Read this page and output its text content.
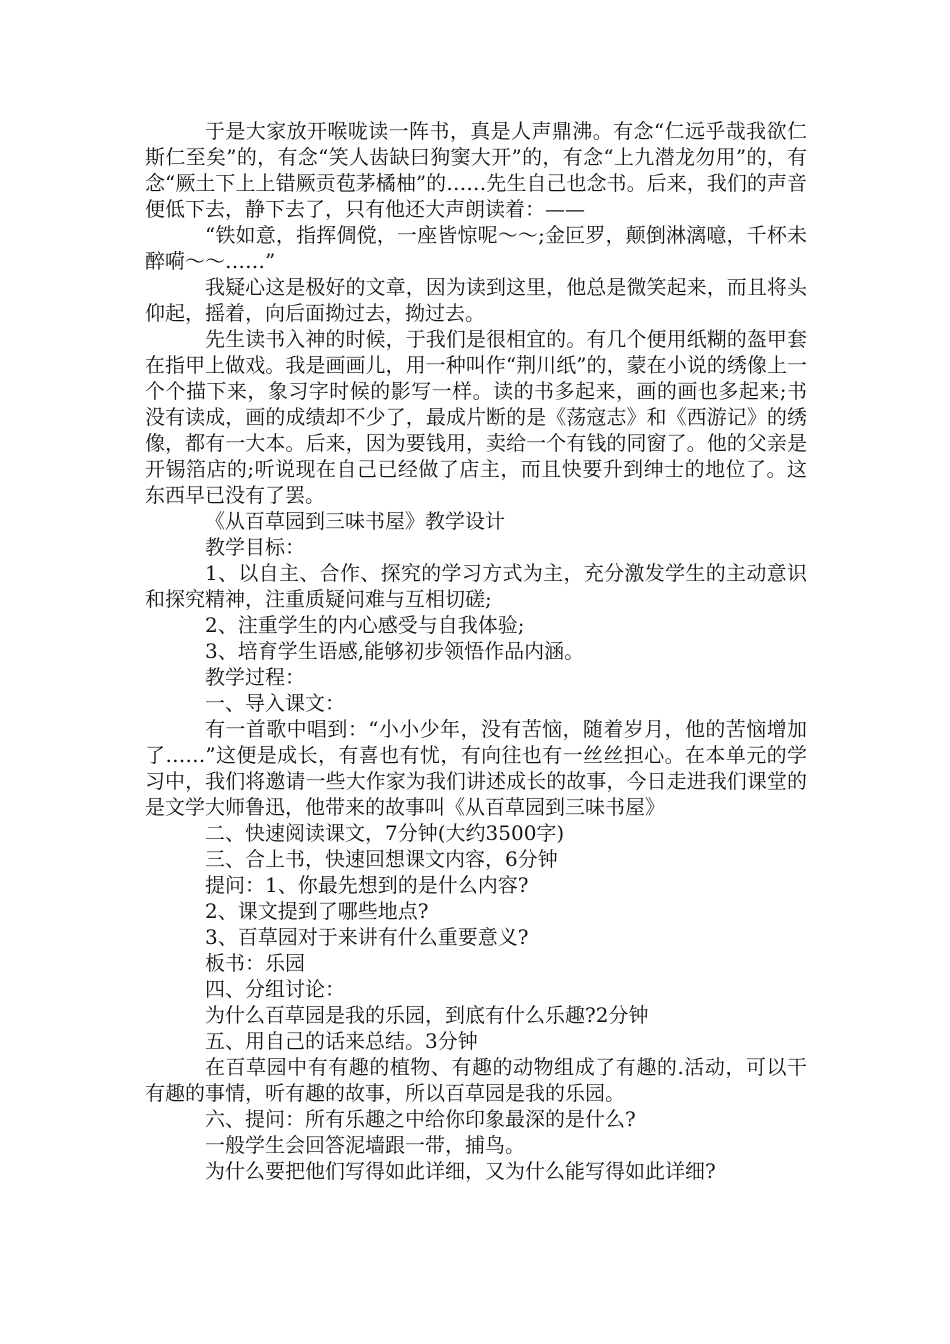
于是大家放开喉咙读一阵书，真是人声鼎沸。有念“仁远乎哉我欲仁斯仁至矣”的，有念“笑人齿缺曰狗窦大开”的，有念“上九潜龙勿用”的，有念“厥土下上上错厥贡苞茅橘柚”的……先生自己也念书。后来，我们的声音便低下去，静下去了，只有他还大声朗读着：——

“铁如意，指挥倜傥，一座皆惊呢～～;金叵罗，颠倒淋漓噫，千杯未醉嗬～～……”

我疑心这是极好的文章，因为读到这里，他总是微笑起来，而且将头仰起，摇着，向后面拗过去，拗过去。

先生读书入神的时候，于我们是很相宜的。有几个便用纸糊的盔甲套在指甲上做戏。我是画画儿，用一种叫作“荆川纸”的，蒙在小说的绣像上一个个描下来，象习字时候的影写一样。读的书多起来，画的画也多起来;书没有读成，画的成绩却不少了，最成片断的是《荡寇志》和《西游记》的绣像，都有一大本。后来，因为要钱用，卖给一个有钱的同窗了。他的父亲是开锡箔店的;听说现在自己已经做了店主，而且快要升到绅士的地位了。这东西早已没有了罢。

《从百草园到三味书屋》教学设计

教学目标：

1、以自主、合作、探究的学习方式为主，充分激发学生的主动意识和探究精神，注重质疑问难与互相切磋;

2、注重学生的内心感受与自我体验;

3、培育学生语感,能够初步领悟作品内涵。

教学过程：

一、导入课文：

有一首歌中唱到：“小小少年，没有苦恼，随着岁月，他的苦恼增加了……”这便是成长，有喜也有忧，有向往也有一丝丝担心。在本单元的学习中，我们将邀请一些大作家为我们讲述成长的故事，今日走进我们课堂的是文学大师鲁迅，他带来的故事叫《从百草园到三味书屋》

二、快速阅读课文，7分钟(大约3500字)

三、合上书，快速回想课文内容，6分钟

提问：1、你最先想到的是什么内容?

2、课文提到了哪些地点?

3、百草园对于来讲有什么重要意义?

板书：乐园

四、分组讨论：

为什么百草园是我的乐园，到底有什么乐趣?2分钟

五、用自己的话来总结。3分钟

在百草园中有有趣的植物、有趣的动物组成了有趣的.活动，可以干有趣的事情，听有趣的故事，所以百草园是我的乐园。

六、提问：所有乐趣之中给你印象最深的是什么?

一般学生会回答泥墙跟一带，捕鸟。

为什么要把他们写得如此详细，又为什么能写得如此详细?
